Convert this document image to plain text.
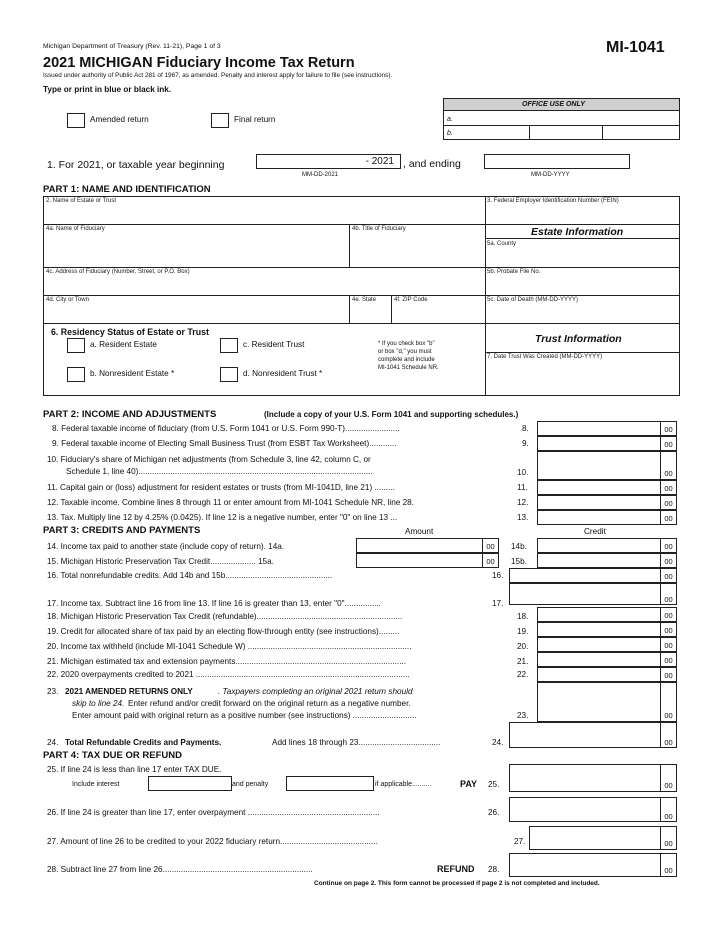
Michigan Department of Treasury (Rev. 11-21), Page 1 of 3	MI-1041
2021 MICHIGAN Fiduciary Income Tax Return
Issued under authority of Public Act 281 of 1967, as amended. Penalty and interest apply for failure to file (see instructions).
Type or print in blue or black ink.
Amended return	Final return
OFFICE USE ONLY
a.
b.
1. For 2021, or taxable year beginning	- 2021 , and ending
MM-DD-2021	MM-DD-YYYY
PART 1: NAME AND IDENTIFICATION
2. Name of Estate or Trust	3. Federal Employer Identification Number (FEIN)
4a. Name of Fiduciary	4b. Title of Fiduciary	Estate Information
5a. County
4c. Address of Fiduciary (Number, Street, or P.O. Box)	5b. Probate File No.
4d. City or Town	4e. State	4f. ZIP Code	5c. Date of Death (MM-DD-YYYY)
6. Residency Status of Estate or Trust
a. Resident Estate
b. Nonresident Estate *
c. Resident Trust
d. Nonresident Trust *
* If you check box "b"
or box "d," you must
complete and include
MI-1041 Schedule NR.
Trust Information
7. Date Trust Was Created (MM-DD-YYYY)
PART 2: INCOME AND ADJUSTMENTS	(Include a copy of your U.S. Form 1041 and supporting schedules.)
8. Federal taxable income of fiduciary (from U.S. Form 1041 or U.S. Form 990-T)........................	8.	00
9. Federal taxable income of Electing Small Business Trust (from ESBT Tax Worksheet)............	9.	00
10. Fiduciary's share of Michigan net adjustments (from Schedule 3, line 42, column C, or
Schedule 1, line 40).......................................................................................................	10.	00
11. Capital gain or (loss) adjustment for resident estates or trusts (from MI-1041D, line 21) .........	11.	00
12. Taxable income. Combine lines 8 through 11 or enter amount from MI-1041 Schedule NR, line 28.	12.	00
13. Tax. Multiply line 12 by 4.25% (0.0425). If line 12 is a negative number, enter "0" on line 13 ...	13.	00
PART 3: CREDITS AND PAYMENTS	Amount	Credit
14. Income tax paid to another state (include copy of return). 14a.	00	14b.	00
15. Michigan Historic Preservation Tax Credit.................... 15a.	00	15b.	00
16. Total nonrefundable credits. Add 14b and 15b...............................................	16.	00
17. Income tax. Subtract line 16 from line 13. If line 16 is greater than 13, enter "0"................	17.	00
18. Michigan Historic Preservation Tax Credit (refundable)................................................................	18.	00
19. Credit for allocated share of tax paid by an electing flow-through entity (see instructions).........	19.	00
20. Income tax withheld (include MI-1041 Schedule W) ........................................................................	20.	00
21. Michigan estimated tax and extension payments...........................................................................	21.	00
22. 2020 overpayments credited to 2021 ..............................................................................................	22.	00
23. 2021 AMENDED RETURNS ONLY	. Taxpayers completing an original 2021 return should
skip to line 24. Enter refund and/or credit forward on the original return as a negative number.
Enter amount paid with original return as a positive number (see instructions) ............................	23.	00
24. Total Refundable Credits and Payments.	Add lines 18 through 23....................................	24.	00
PART 4: TAX DUE OR REFUND
25. If line 24 is less than line 17 enter TAX DUE.
Include interest	and penalty	if applicable..........	PAY 25.	00
26. If line 24 is greater than line 17, enter overpayment ..........................................................	26.	00
27. Amount of line 26 to be credited to your 2022 fiduciary return...........................................	27.	00
28. Subtract line 27 from line 26..................................................................	REFUND 28.	00
Continue on page 2. This form cannot be processed if page 2 is not completed and included.
